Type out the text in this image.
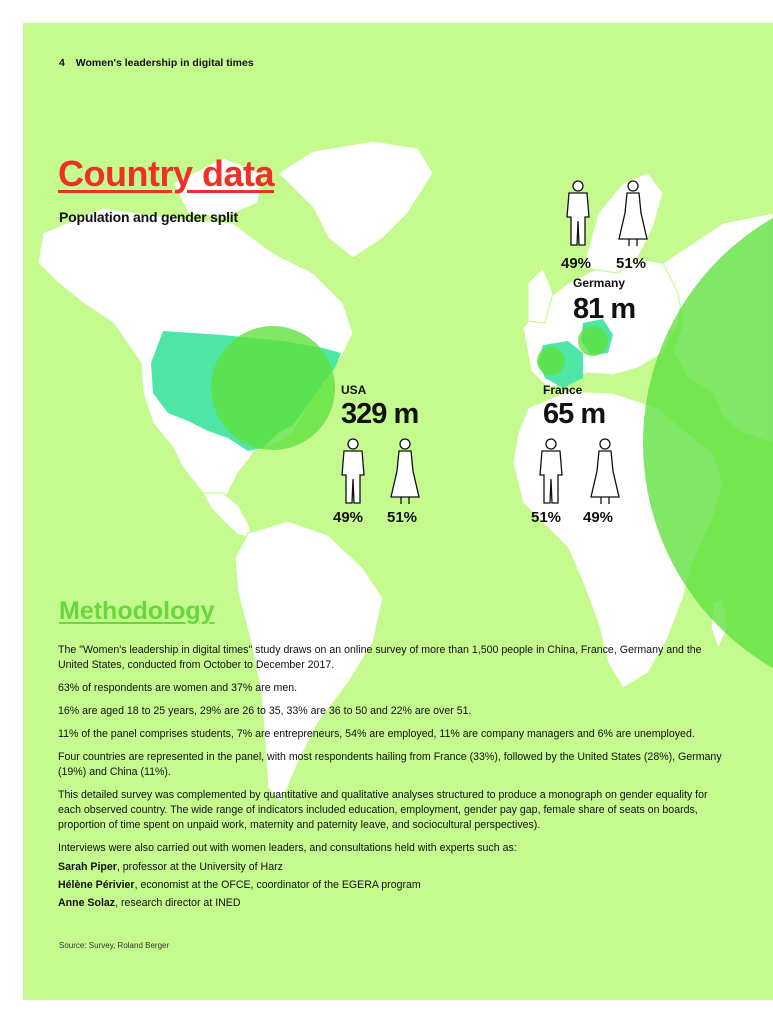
4 Women's leadership in digital times
Country data
Population and gender split
49% 51%
Germany
81 m
USA
329 m
49% 51%
France
65 m
51% 49%
Methodology

The "Women's leadership in digital times" study draws on an online survey of more than 1,500 people in China, France, Germany and the United States, conducted from October to December 2017.

63% of respondents are women and 37% are men.

16% are aged 18 to 25 years, 29% are 26 to 35, 33% are 36 to 50 and 22% are over 51.

11% of the panel comprises students, 7% are entrepreneurs, 54% are employed, 11% are company managers and 6% are unemployed.

Four countries are represented in the panel, with most respondents hailing from France (33%), followed by the United States (28%), Germany (19%) and China (11%).

This detailed survey was complemented by quantitative and qualitative analyses structured to produce a monograph on gender equality for each observed country. The wide range of indicators included education, employment, gender pay gap, female share of seats on boards, proportion of time spent on unpaid work, maternity and paternity leave, and sociocultural perspectives).

Interviews were also carried out with women leaders, and consultations held with experts such as:

Sarah Piper, professor at the University of Harz

Hélène Périvier, economist at the OFCE, coordinator of the EGERA program

Anne Solaz, research director at INED

Source: Survey, Roland Berger
